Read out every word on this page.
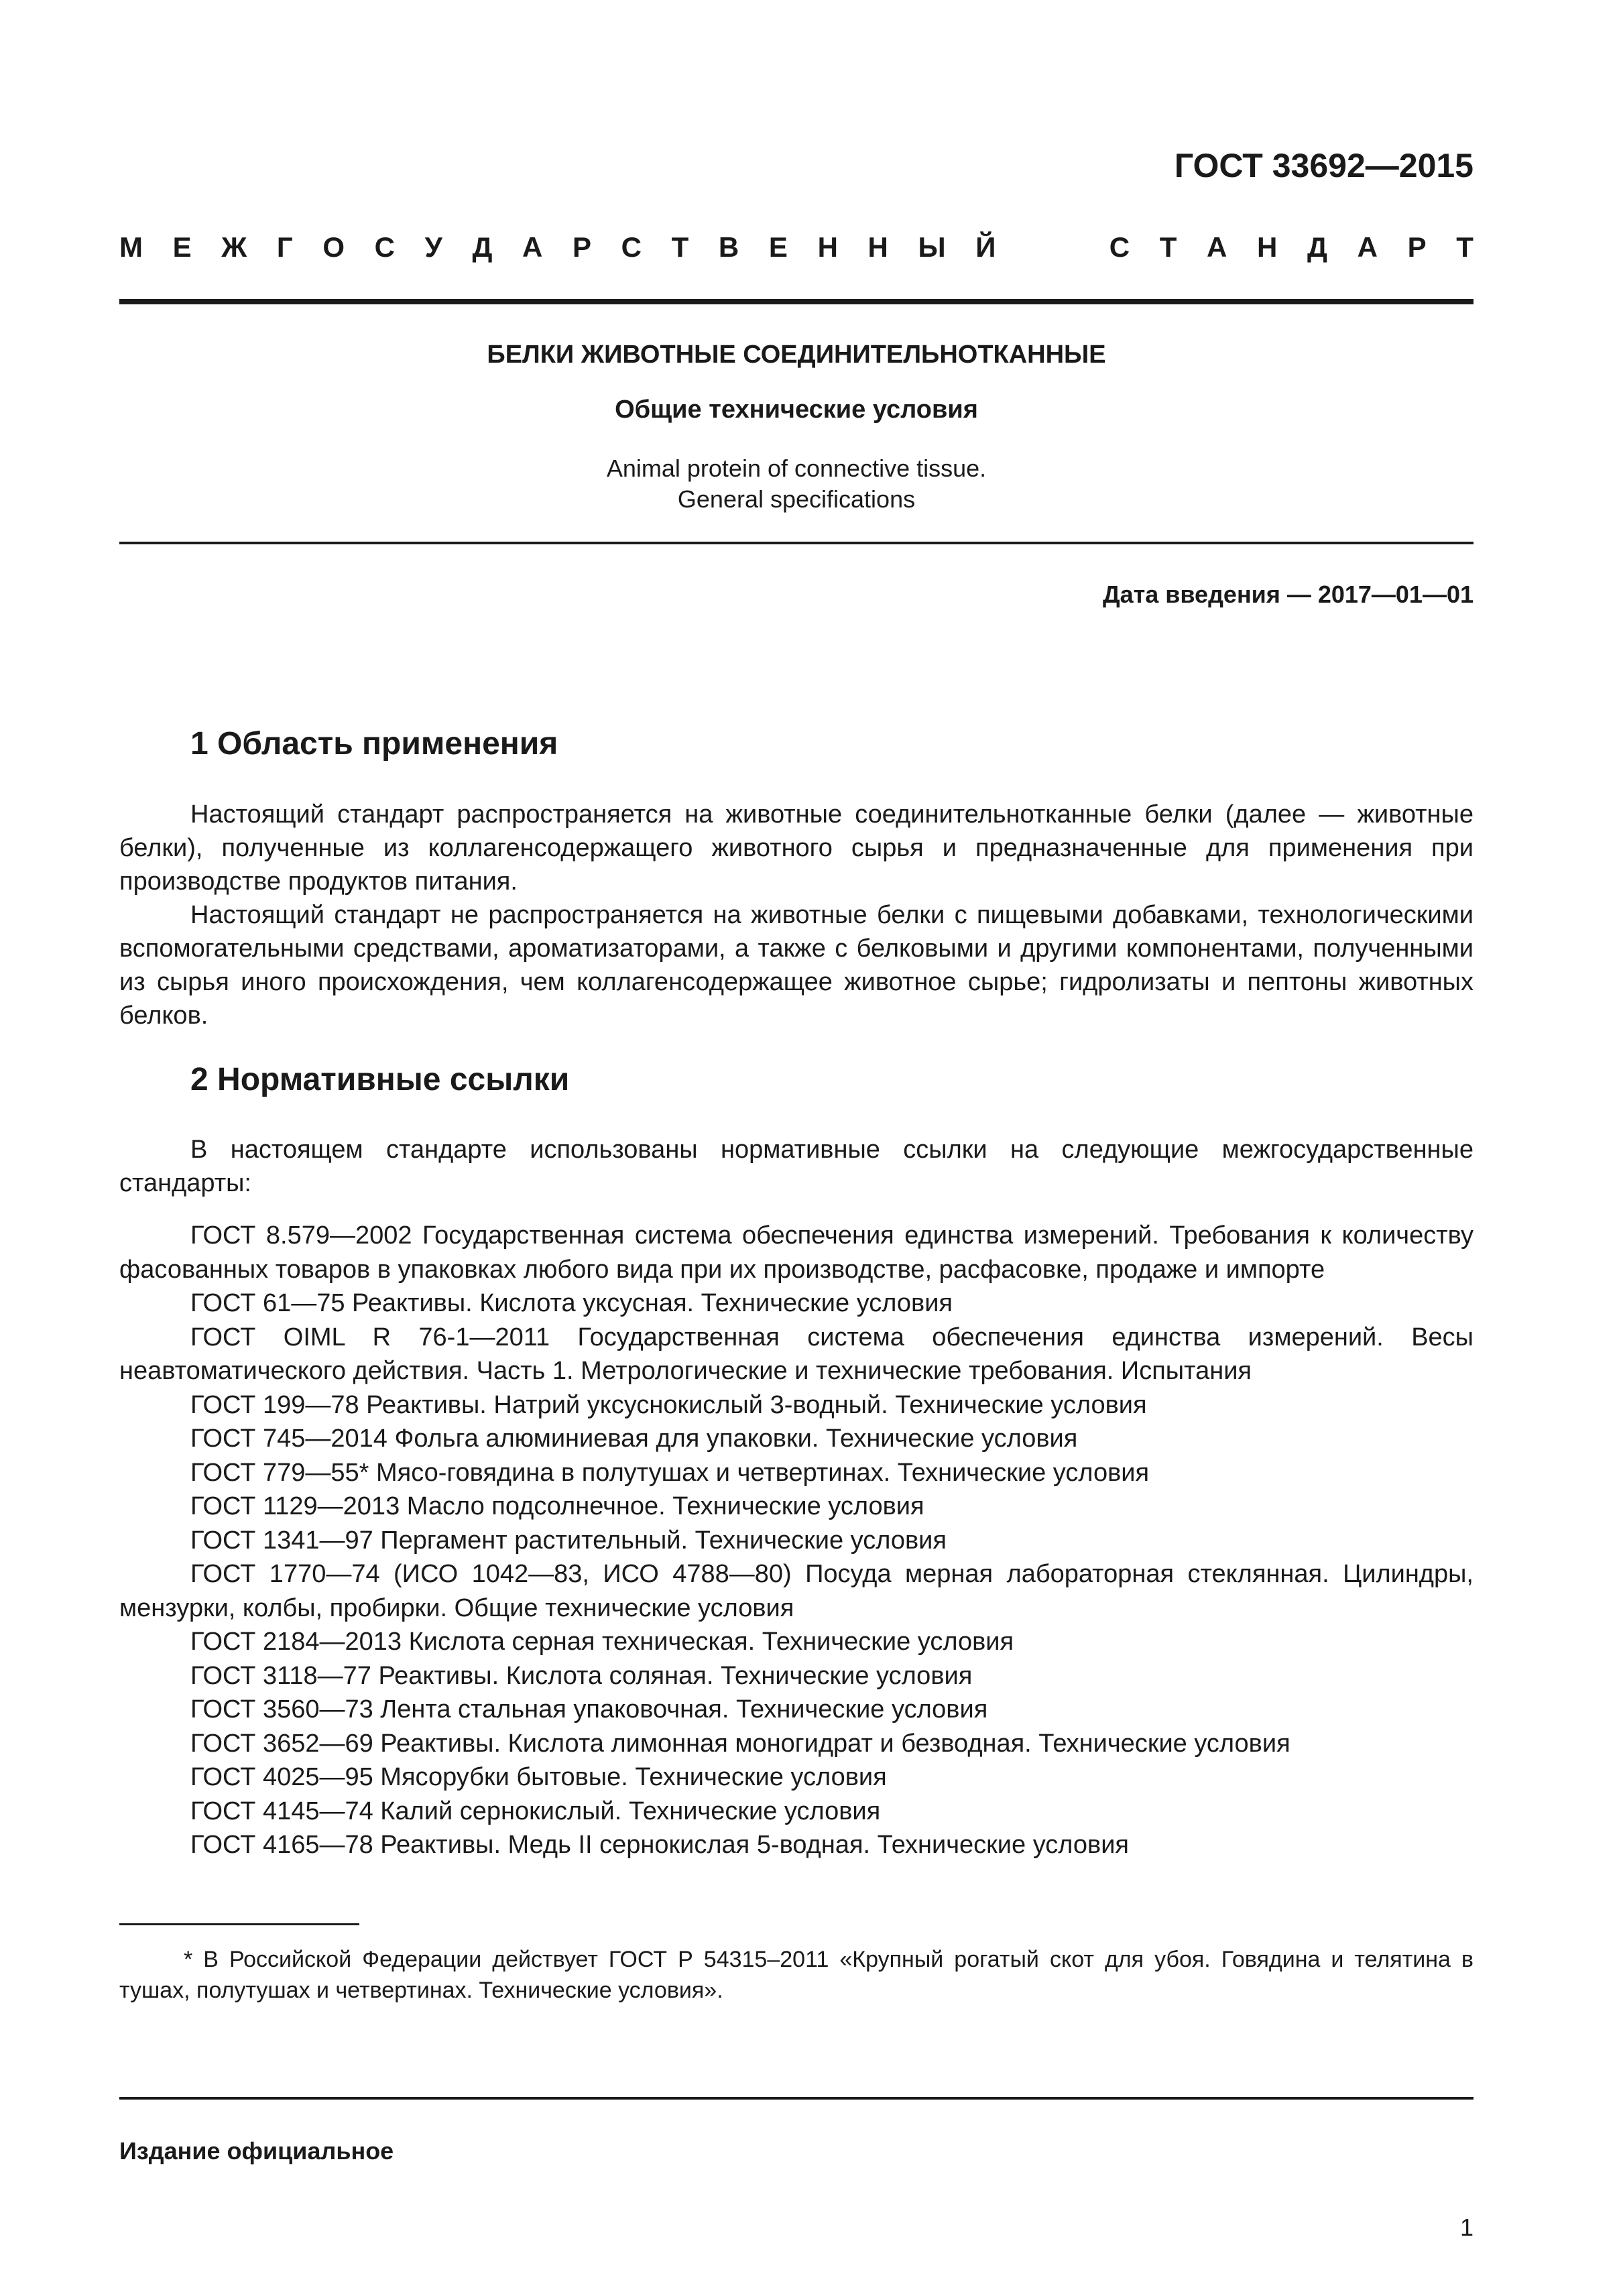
ГОСТ 33692—2015
М Е Ж Г О С У Д А Р С Т В Е Н Н Ы Й	С Т А Н Д А Р Т
БЕЛКИ ЖИВОТНЫЕ СОЕДИНИТЕЛЬНОТКАННЫЕ
Общие технические условия
Animal protein of connective tissue.
General specifications
Дата введения — 2017—01—01
1 Область применения

Настоящий стандарт распространяется на животные соединительнотканные белки (далее — животные белки), полученные из коллагенсодержащего животного сырья и предназначенные для применения при производстве продуктов питания.

Настоящий стандарт не распространяется на животные белки с пищевыми добавками, технологическими вспомогательными средствами, ароматизаторами, а также с белковыми и другими компонентами, полученными из сырья иного происхождения, чем коллагенсодержащее животное сырье; гидролизаты и пептоны животных белков.

2 Нормативные ссылки

В настоящем стандарте использованы нормативные ссылки на следующие межгосударственные стандарты:

ГОСТ 8.579—2002 Государственная система обеспечения единства измерений. Требования к количеству фасованных товаров в упаковках любого вида при их производстве, расфасовке, продаже и импорте

ГОСТ 61—75 Реактивы. Кислота уксусная. Технические условия

ГОСТ OIML R 76-1—2011 Государственная система обеспечения единства измерений. Весы неавтоматического действия. Часть 1. Метрологические и технические требования. Испытания

ГОСТ 199—78 Реактивы. Натрий уксуснокислый 3-водный. Технические условия

ГОСТ 745—2014 Фольга алюминиевая для упаковки. Технические условия

ГОСТ 779—55* Мясо-говядина в полутушах и четвертинах. Технические условия

ГОСТ 1129—2013 Масло подсолнечное. Технические условия

ГОСТ 1341—97 Пергамент растительный. Технические условия

ГОСТ 1770—74 (ИСО 1042—83, ИСО 4788—80) Посуда мерная лабораторная стеклянная. Цилиндры, мензурки, колбы, пробирки. Общие технические условия

ГОСТ 2184—2013 Кислота серная техническая. Технические условия

ГОСТ 3118—77 Реактивы. Кислота соляная. Технические условия

ГОСТ 3560—73 Лента стальная упаковочная. Технические условия

ГОСТ 3652—69 Реактивы. Кислота лимонная моногидрат и безводная. Технические условия

ГОСТ 4025—95 Мясорубки бытовые. Технические условия

ГОСТ 4145—74 Калий сернокислый. Технические условия

ГОСТ 4165—78 Реактивы. Медь II сернокислая 5-водная. Технические условия

* В Российской Федерации действует ГОСТ Р 54315–2011 «Крупный рогатый скот для убоя. Говядина и телятина в тушах, полутушах и четвертинах. Технические условия».

Издание официальное
1
